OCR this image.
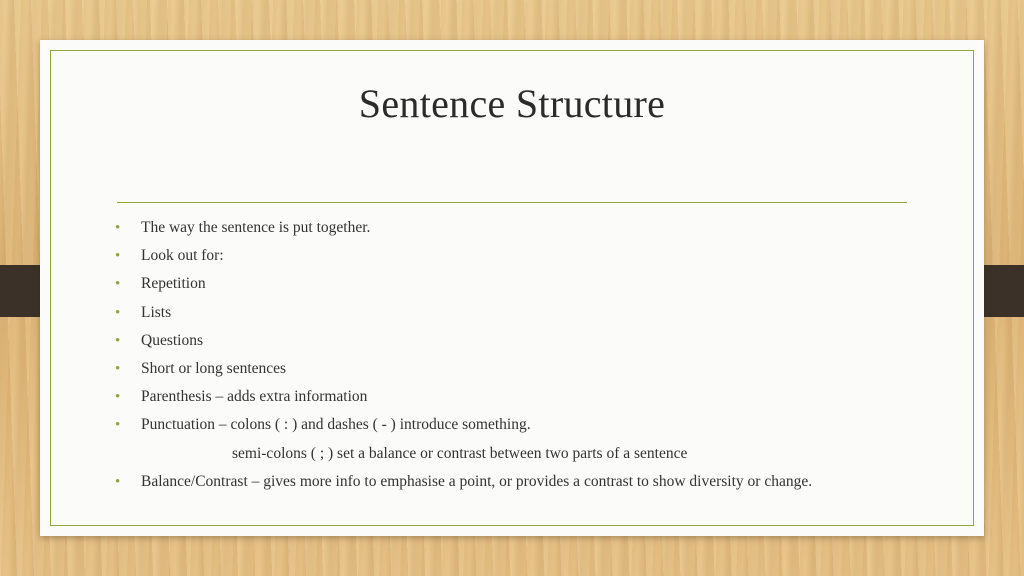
Sentence Structure
• The way the sentence is put together.
• Look out for:
• Repetition
• Lists
• Questions
• Short or long sentences
• Parenthesis – adds extra information
• Punctuation – colons ( : ) and dashes ( - ) introduce something.
semi-colons ( ; ) set a balance or contrast between two parts of a sentence
• Balance/Contrast – gives more info to emphasise a point, or provides a contrast to show diversity or change.
